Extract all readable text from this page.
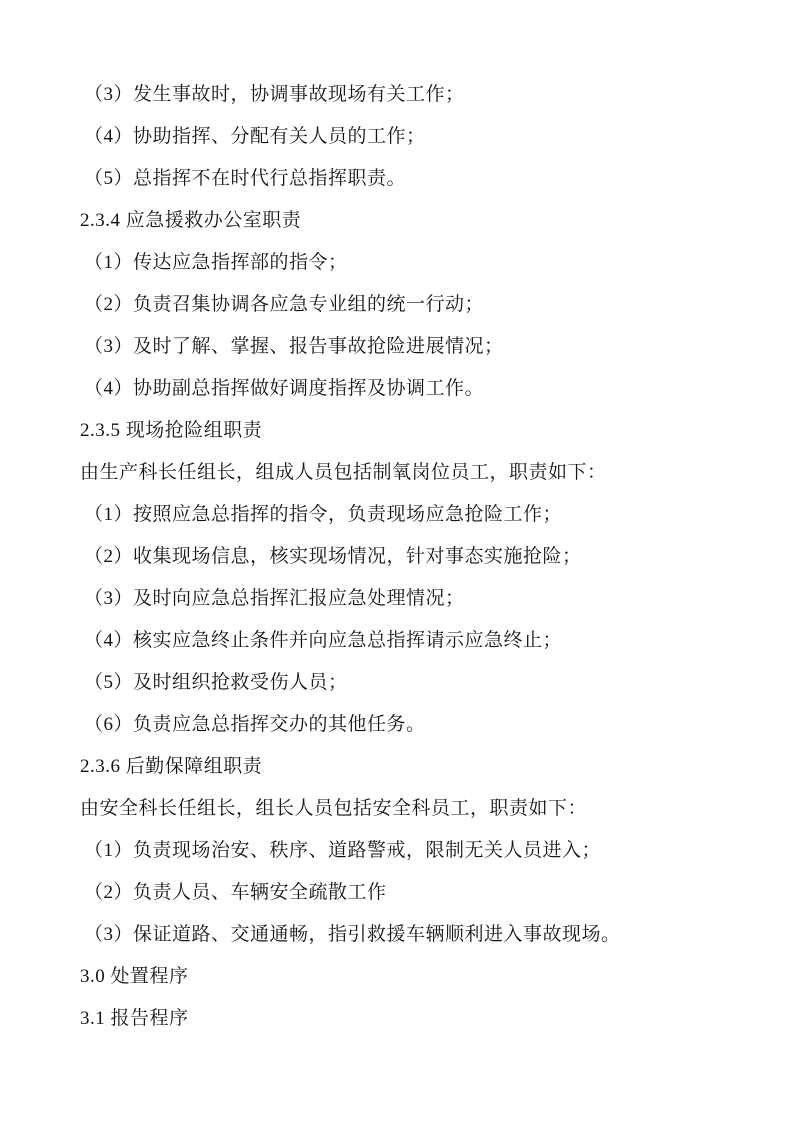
（3）发生事故时，协调事故现场有关工作；

（4）协助指挥、分配有关人员的工作；

（5）总指挥不在时代行总指挥职责。

2.3.4 应急援救办公室职责

（1）传达应急指挥部的指令；

（2）负责召集协调各应急专业组的统一行动；

（3）及时了解、掌握、报告事故抢险进展情况；

（4）协助副总指挥做好调度指挥及协调工作。

2.3.5 现场抢险组职责

由生产科长任组长，组成人员包括制氧岗位员工，职责如下：

（1）按照应急总指挥的指令，负责现场应急抢险工作；

（2）收集现场信息，核实现场情况，针对事态实施抢险；

（3）及时向应急总指挥汇报应急处理情况；

（4）核实应急终止条件并向应急总指挥请示应急终止；

（5）及时组织抢救受伤人员；

（6）负责应急总指挥交办的其他任务。

2.3.6 后勤保障组职责

由安全科长任组长，组长人员包括安全科员工，职责如下：

（1）负责现场治安、秩序、道路警戒，限制无关人员进入；

（2）负责人员、车辆安全疏散工作

（3）保证道路、交通通畅，指引救援车辆顺利进入事故现场。

3.0 处置程序

3.1 报告程序
